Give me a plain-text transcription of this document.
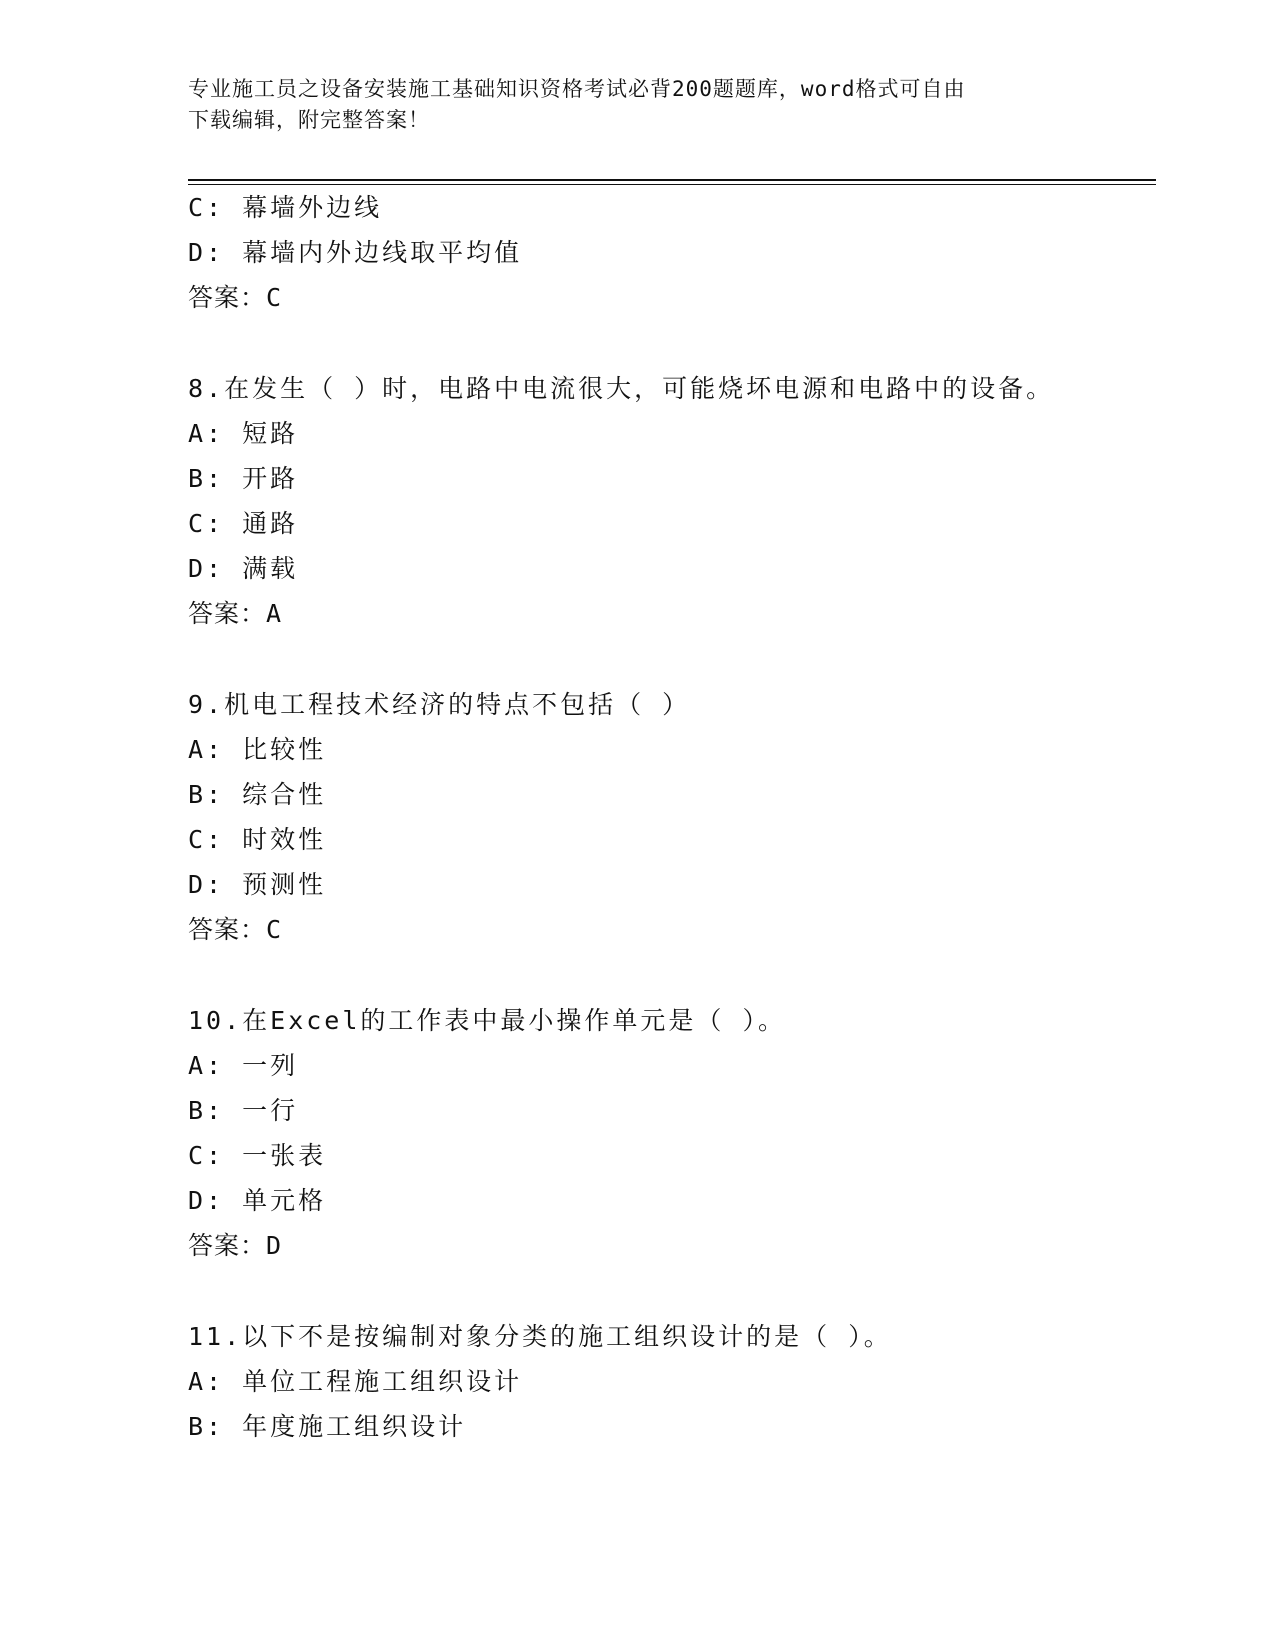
专业施工员之设备安装施工基础知识资格考试必背200题题库，word格式可自由
下载编辑，附完整答案！
C: 幕墙外边线
D: 幕墙内外边线取平均值
答案：C
8.在发生（ ）时，电路中电流很大，可能烧坏电源和电路中的设备。
A: 短路
B: 开路
C: 通路
D: 满载
答案：A
9.机电工程技术经济的特点不包括（ ）
A: 比较性
B: 综合性
C: 时效性
D: 预测性
答案：C
10.在Excel的工作表中最小操作单元是（ ）。
A: 一列
B: 一行
C: 一张表
D: 单元格
答案：D
11.以下不是按编制对象分类的施工组织设计的是（ ）。
A: 单位工程施工组织设计
B: 年度施工组织设计
